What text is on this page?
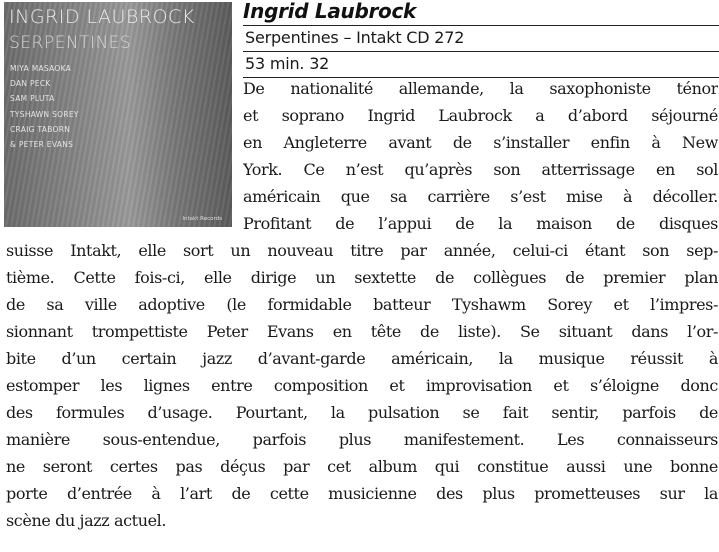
INGRID LAUBROCK

SERPENTINES

MIYA MASAOKA
DAN PECK
SAM PLUTA
TYSHAWN SOREY
CRAIG TABORN
& PETER EVANS
Intakt Records
Ingrid Laubrock

Serpentines – Intakt CD 272

53 min. 32

De nationalité allemande, la saxophoniste ténor

et soprano Ingrid Laubrock a d’abord séjourné

en Angleterre avant de s’installer enfin à New

York. Ce n’est qu’après son atterrissage en sol

américain que sa carrière s’est mise à décoller.

Profitant de l’appui de la maison de disques

suisse Intakt, elle sort un nouveau titre par année, celui-ci étant son sep-

tième. Cette fois-ci, elle dirige un sextette de collègues de premier plan

de sa ville adoptive (le formidable batteur Tyshawm Sorey et l’impres-

sionnant trompettiste Peter Evans en tête de liste). Se situant dans l’or-

bite d’un certain jazz d’avant-garde américain, la musique réussit à

estomper les lignes entre composition et improvisation et s’éloigne donc

des formules d’usage. Pourtant, la pulsation se fait sentir, parfois de

manière sous-entendue, parfois plus manifestement. Les connaisseurs

ne seront certes pas déçus par cet album qui constitue aussi une bonne

porte d’entrée à l’art de cette musicienne des plus prometteuses sur la

scène du jazz actuel.
